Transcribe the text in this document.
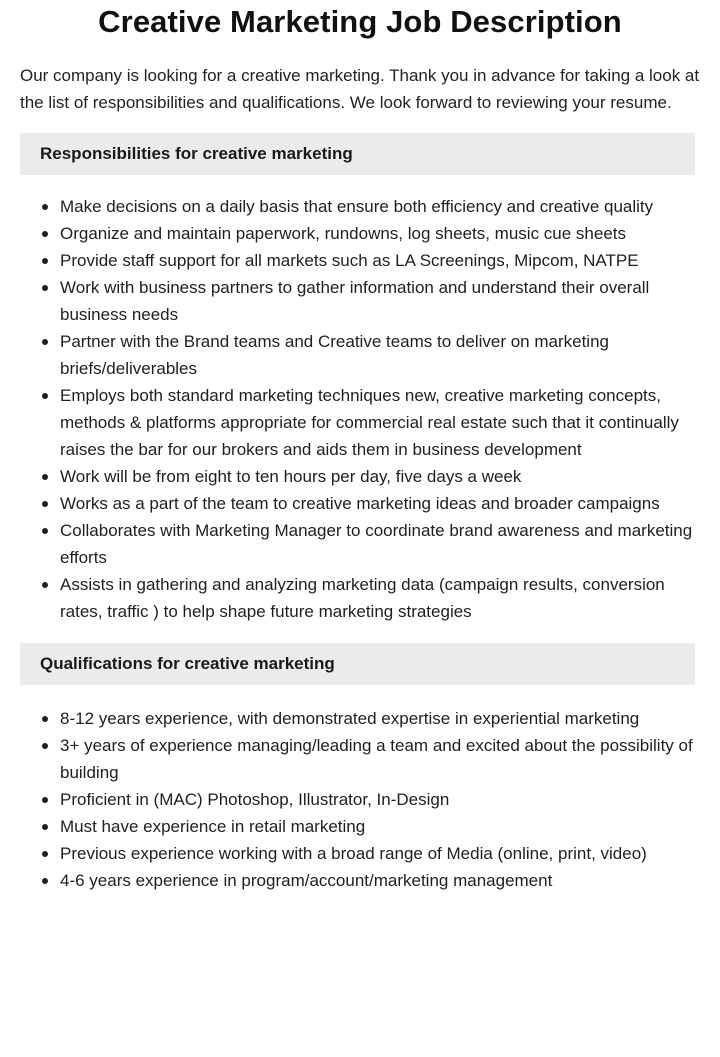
Creative Marketing Job Description

Our company is looking for a creative marketing. Thank you in advance for taking a look at the list of responsibilities and qualifications. We look forward to reviewing your resume.

Responsibilities for creative marketing
Make decisions on a daily basis that ensure both efficiency and creative quality
Organize and maintain paperwork, rundowns, log sheets, music cue sheets
Provide staff support for all markets such as LA Screenings, Mipcom, NATPE
Work with business partners to gather information and understand their overall business needs
Partner with the Brand teams and Creative teams to deliver on marketing briefs/deliverables
Employs both standard marketing techniques new, creative marketing concepts, methods & platforms appropriate for commercial real estate such that it continually raises the bar for our brokers and aids them in business development
Work will be from eight to ten hours per day, five days a week
Works as a part of the team to creative marketing ideas and broader campaigns
Collaborates with Marketing Manager to coordinate brand awareness and marketing efforts
Assists in gathering and analyzing marketing data (campaign results, conversion rates, traffic ) to help shape future marketing strategies
Qualifications for creative marketing
8-12 years experience, with demonstrated expertise in experiential marketing
3+ years of experience managing/leading a team and excited about the possibility of building
Proficient in (MAC) Photoshop, Illustrator, In-Design
Must have experience in retail marketing
Previous experience working with a broad range of Media (online, print, video)
4-6 years experience in program/account/marketing management
